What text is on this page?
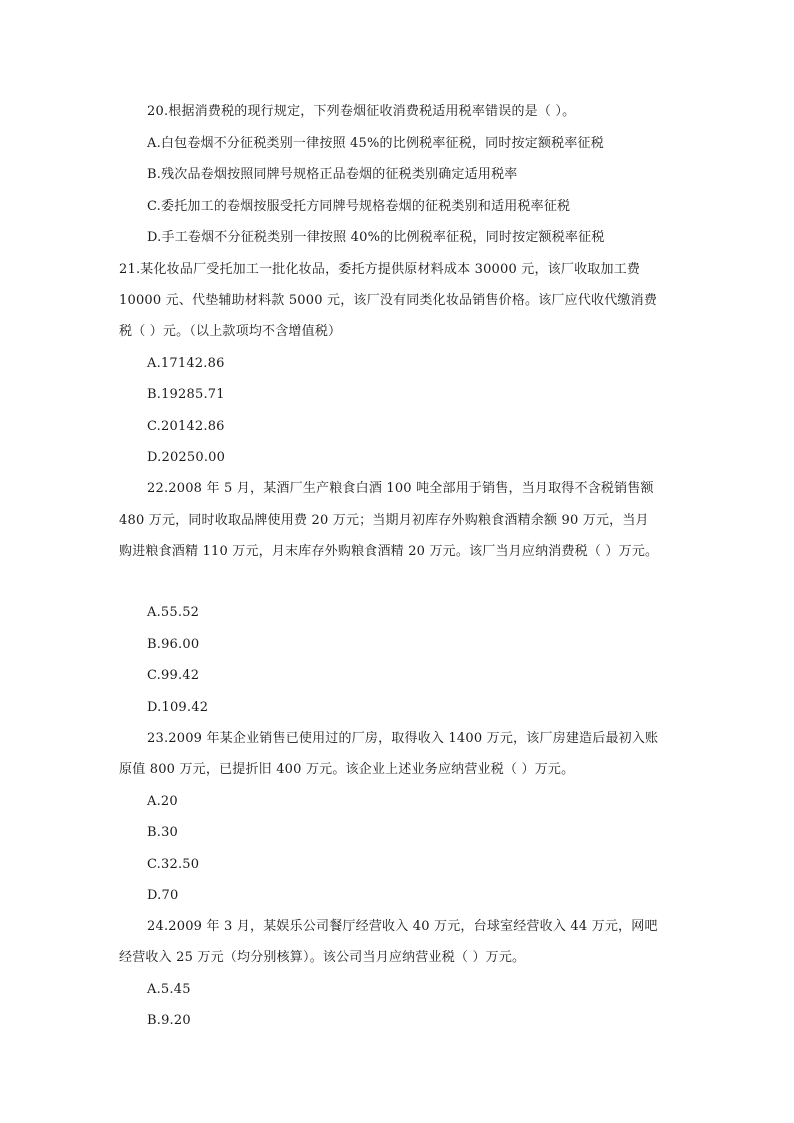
20.根据消费税的现行规定，下列卷烟征收消费税适用税率错误的是（ ）。
A.白包卷烟不分征税类别一律按照 45%的比例税率征税，同时按定额税率征税
B.残次品卷烟按照同牌号规格正品卷烟的征税类别确定适用税率
C.委托加工的卷烟按服受托方同牌号规格卷烟的征税类别和适用税率征税
D.手工卷烟不分征税类别一律按照 40%的比例税率征税，同时按定额税率征税
21.某化妆品厂受托加工一批化妆品，委托方提供原材料成本 30000 元，该厂收取加工费
10000 元、代垫辅助材料款 5000 元，该厂没有同类化妆品销售价格。该厂应代收代缴消费
税（ ）元。（以上款项均不含增值税）
A.17142.86
B.19285.71
C.20142.86
D.20250.00
22.2008 年 5 月，某酒厂生产粮食白酒 100 吨全部用于销售，当月取得不含税销售额
480 万元，同时收取品牌使用费 20 万元；当期月初库存外购粮食酒精余额 90 万元，当月
购进粮食酒精 110 万元，月末库存外购粮食酒精 20 万元。该厂当月应纳消费税（ ）万元。
A.55.52
B.96.00
C.99.42
D.109.42
23.2009 年某企业销售已使用过的厂房，取得收入 1400 万元，该厂房建造后最初入账
原值 800 万元，已提折旧 400 万元。该企业上述业务应纳营业税（ ）万元。
A.20
B.30
C.32.50
D.70
24.2009 年 3 月，某娱乐公司餐厅经营收入 40 万元，台球室经营收入 44 万元，网吧
经营收入 25 万元（均分别核算）。该公司当月应纳营业税（ ）万元。
A.5.45
B.9.20
